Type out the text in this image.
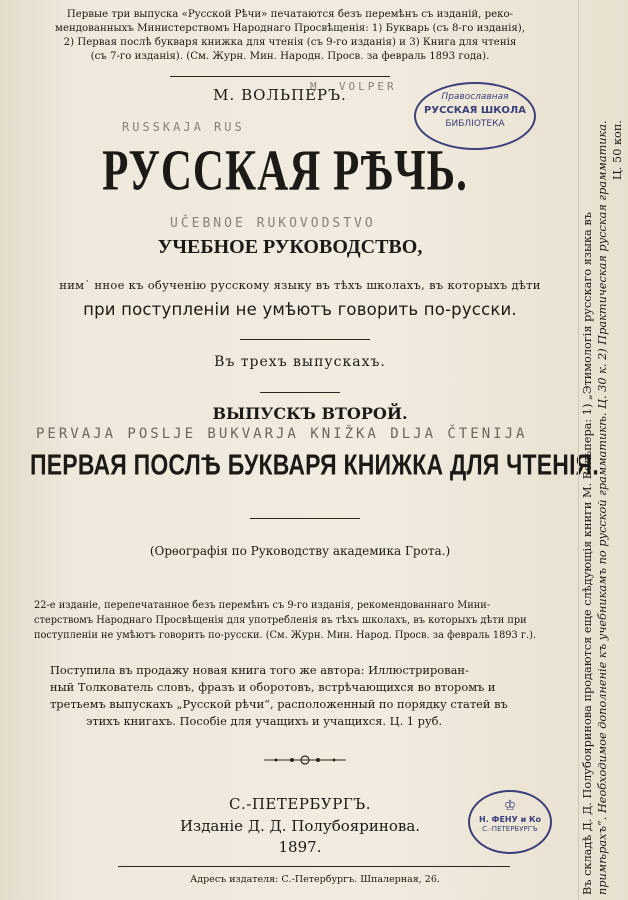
Первые три выпуска «Русской Рѣчи» печатаются безъ перемѣнъ съ изданій, реко-
мендованныхъ Министерствомъ Народнаго Просвѣщенія: 1) Букварь (съ 8-го изданія),
2) Первая послѣ букваря книжка для чтенія (съ 9-го изданія) и 3) Книга для чтенія
(съ 7-го изданія). (См. Журн. Мин. Народн. Просв. за февраль 1893 года).
M. VOLPER
М. ВОЛЬПЕРЪ.	Православная
РУССКАЯ ШКОЛА
БИБЛІОТЕКА
RUSSKAJA RUS
РУССКАЯ РѢЧЬ.
UČEBNOE RUKOVODSTVO
УЧЕБНОЕ РУКОВОДСТВО,
ним˙ нное къ обученію русскому языку въ тѣхъ школахъ, въ которыхъ дѣти
при поступленіи не умѣютъ говорить по-русски.
Въ трехъ выпускахъ.
ВЫПУСКЪ ВТОРОЙ.
PERVAJA POSLJE BUKVARJA KNIŽKA DLJA ČTENIJA
ПЕРВАЯ ПОСЛѢ БУКВАРЯ КНИЖКА ДЛЯ ЧТЕНІЯ.
(Орѳографія по Руководству академика Грота.)
22-е изданіе, перепечатанное безъ перемѣнъ съ 9-го изданія, рекомендованнаго Мини-
стерствомъ Народнаго Просвѣщенія для употребленія въ тѣхъ школахъ, въ которыхъ дѣти при
поступленіи не умѣютъ говорить по-русски. (См. Журн. Мин. Народ. Просв. за февраль 1893 г.).
Поступила въ продажу новая книга того же автора: Иллюстрирован-
ный Толкователь словъ, фразъ и оборотовъ, встрѣчающихся во второмъ и
третьемъ выпускахъ „Русской рѣчи“, расположенный по порядку статей въ
этихъ книгахъ. Пособіе для учащихъ и учащихся. Ц. 1 руб.
С.-ПЕТЕРБУРГЪ.
Изданіе Д. Д. Полубояринова.
1897.
Адресъ издателя: С.-Петербургъ. Шпалерная, 26.
♔
Н. ФЕНУ и Ко
С.-ПЕТЕРБУРГЪ	Въ складѣ Д. Д. Полубояринова продаются еще слѣдующія книги М. Вольпера: 1) „Этимологія русскаго языка въ примѣрахъ“. Необходимое дополненіе къ учебникамъ по русской грамматикѣ. Ц. 30 к. 2) Практическая русская грамматика. Ц. 50 коп.
